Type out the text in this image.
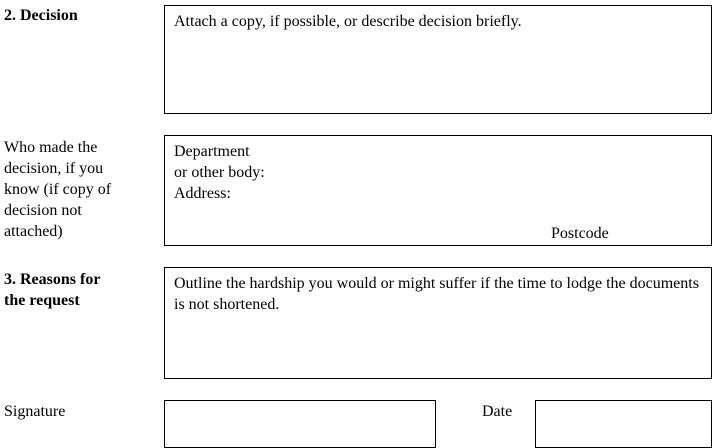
2. Decision	Attach a copy, if possible, or describe decision briefly.
Who made the
decision, if you
know (if copy of
decision not
attached)
Department
or other body:
Address:
Postcode
3. Reasons for
the request
Outline the hardship you would or might suffer if the time to lodge the documents is not shortened.
Signature	Date
